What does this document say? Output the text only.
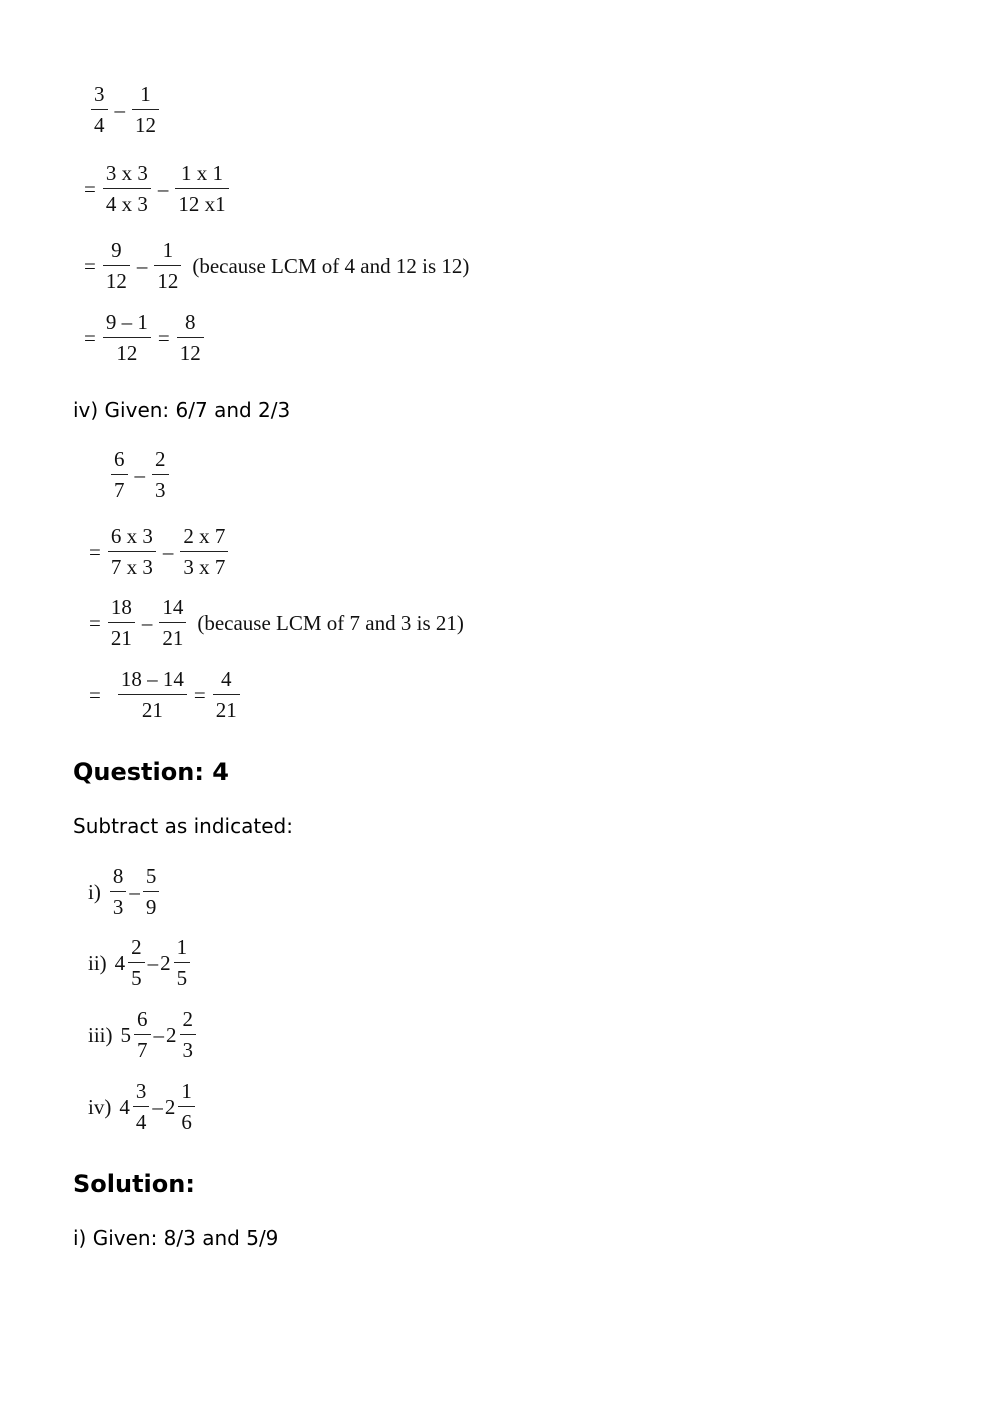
$\frac{3}{4} - \frac{1}{12}$
= $\frac{3 x 3}{4 x 3} - \frac{1 x 1}{12 x1}$
= $\frac{9}{12} - \frac{1}{12}$ (because LCM of 4 and 12 is 12)
= $\frac{9 - 1}{12} = \frac{8}{12}$
iv) Given: 6/7 and 2/3
$\frac{6}{7} - \frac{2}{3}$
= $\frac{6 x 3}{7 x 3} - \frac{2 x 7}{3 x 7}$
= $\frac{18}{21} - \frac{14}{21}$ (because LCM of 7 and 3 is 21)
= $\frac{18 - 14}{21} = \frac{4}{21}$
Question: 4
Subtract as indicated:
$i) \frac{8}{3} - \frac{5}{9}$
ii) $4 \frac{2}{5} - 2 \frac{1}{5}$
iii) $5 \frac{6}{7} - 2 \frac{2}{3}$
iv) $4 \frac{3}{4} - 2 \frac{1}{6}$
Solution:
i) Given: 8/3 and 5/9
